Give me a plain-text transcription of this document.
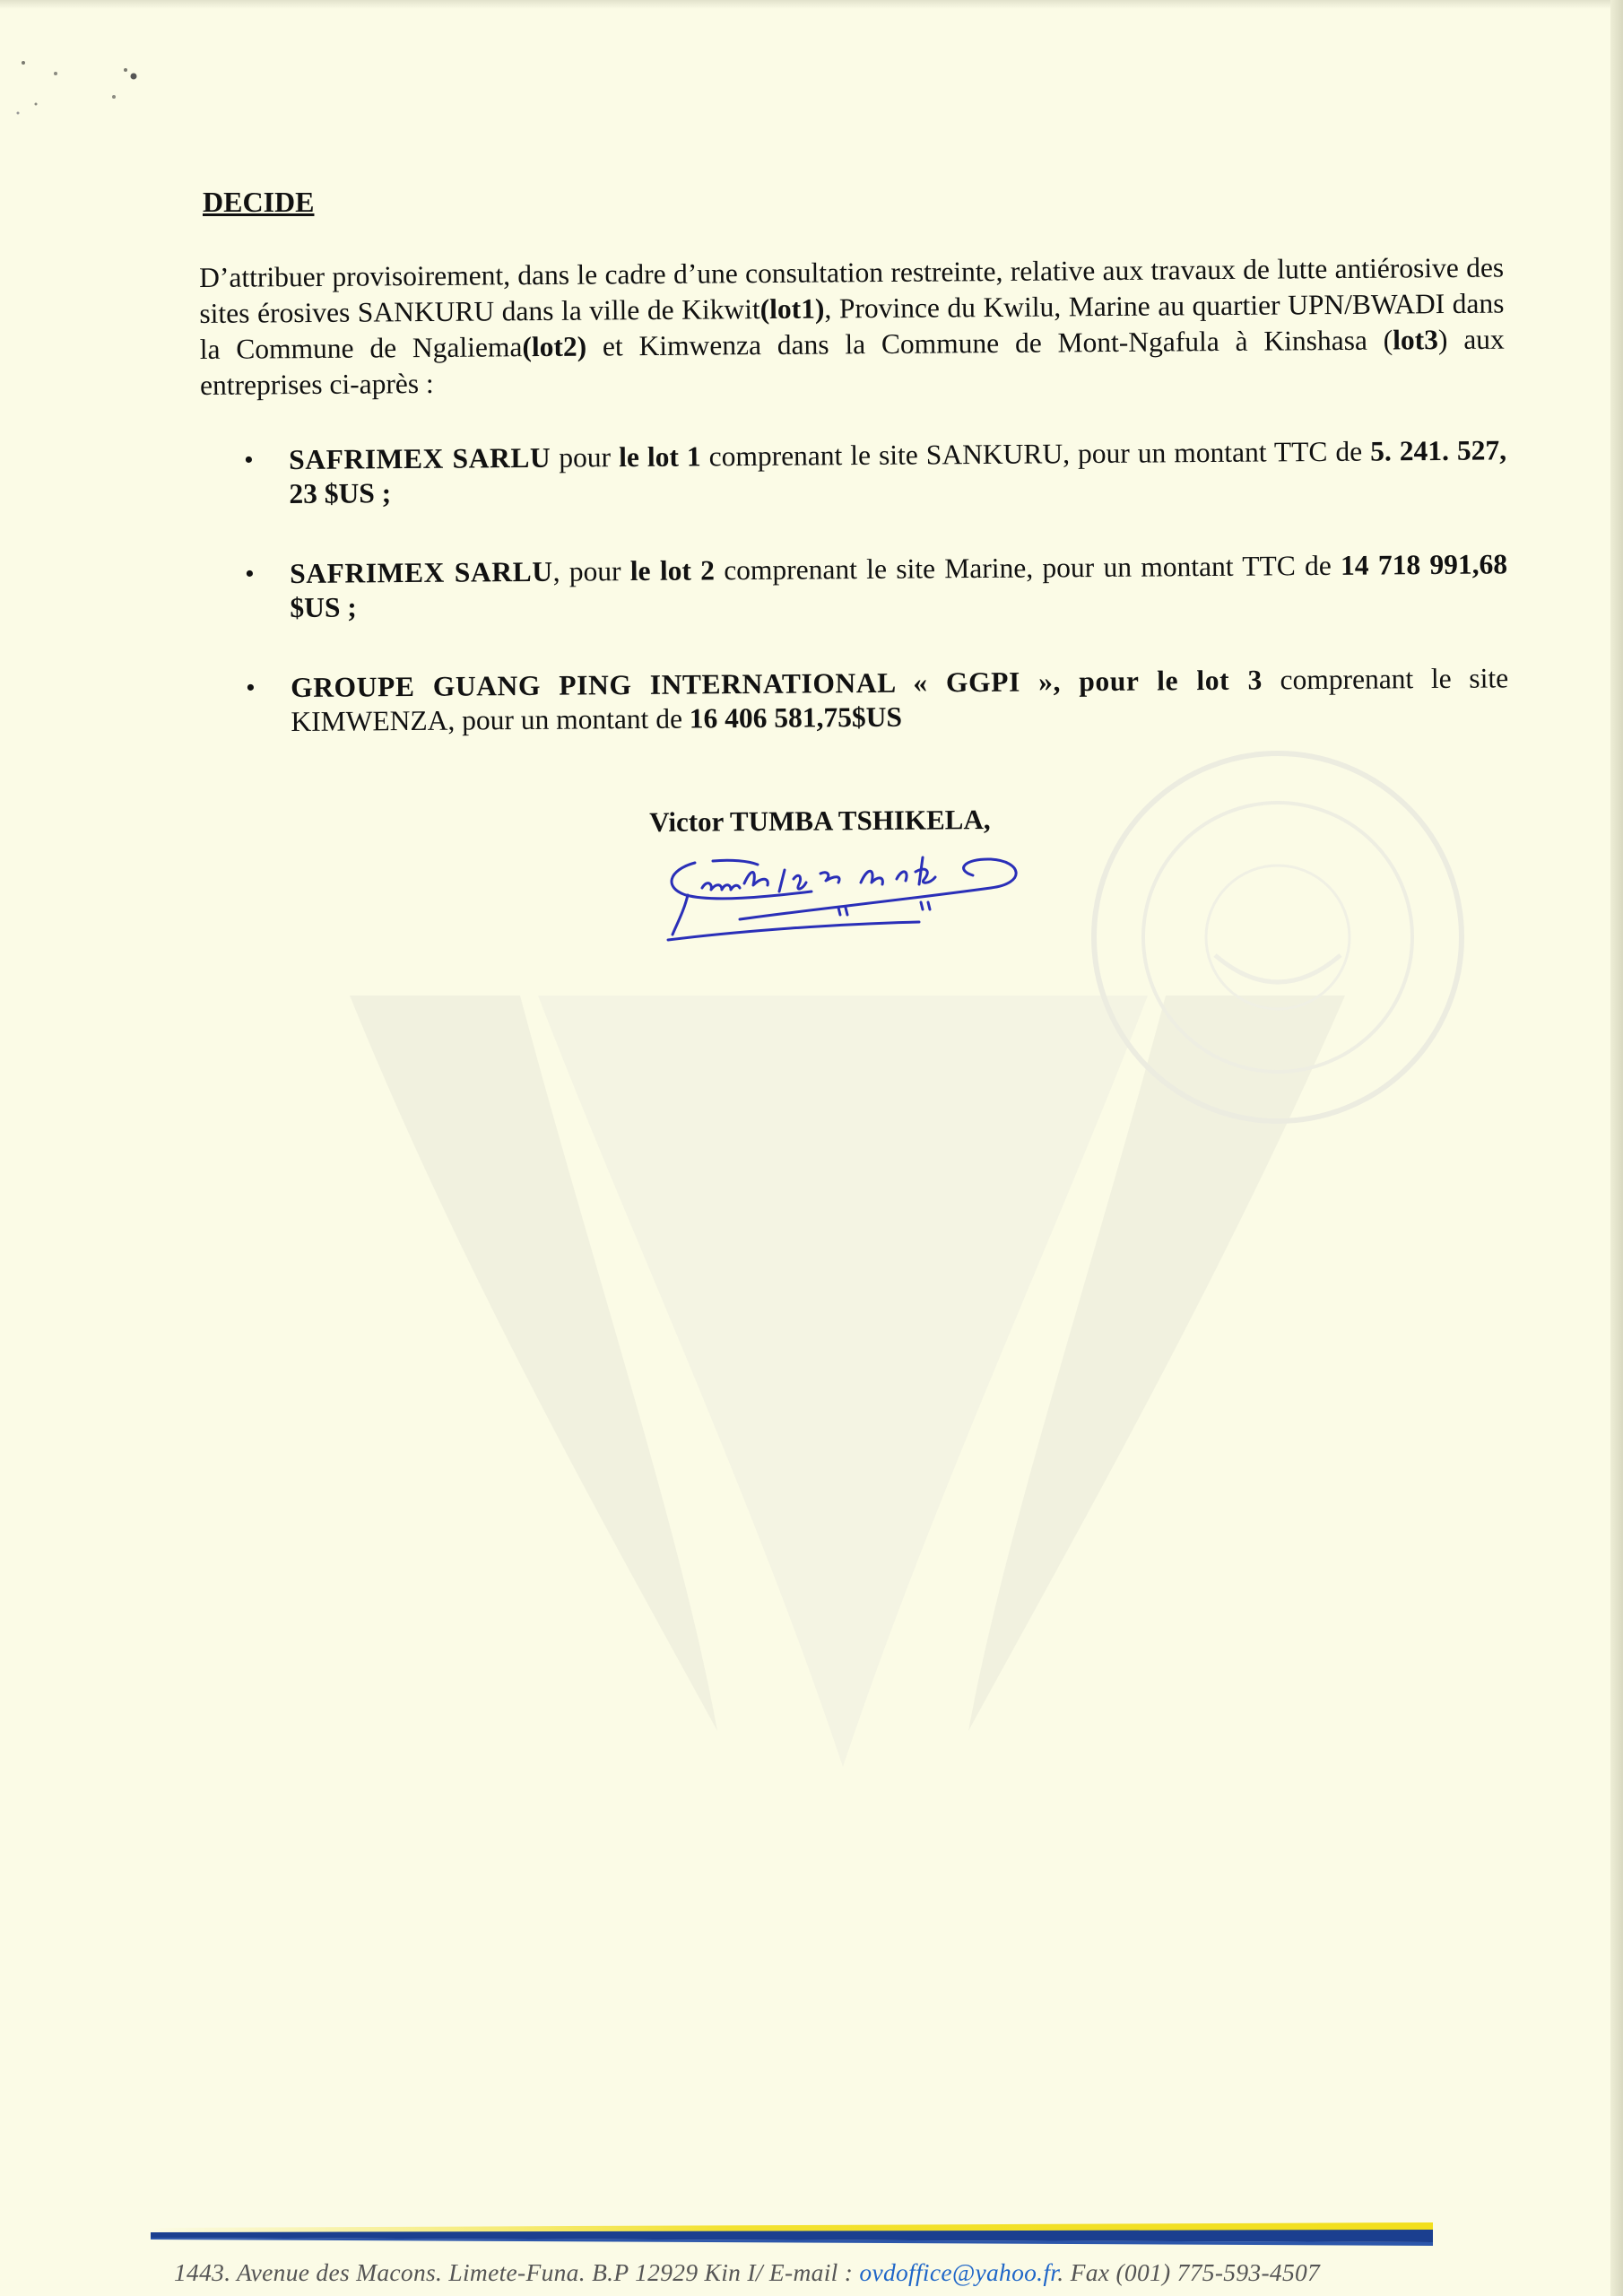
DECIDE

D’attribuer provisoirement, dans le cadre d’une consultation restreinte, relative aux travaux de lutte antiérosive des sites érosives SANKURU dans la ville de Kikwit(lot1), Province du Kwilu, Marine au quartier UPN/BWADI dans la Commune de Ngaliema(lot2) et Kimwenza dans la Commune de Mont-Ngafula à Kinshasa (lot3) aux entreprises ci-après :

• SAFRIMEX SARLU pour le lot 1 comprenant le site SANKURU, pour un montant TTC de 5. 241. 527, 23 $US ;
• SAFRIMEX SARLU, pour le lot 2 comprenant le site Marine, pour un montant TTC de 14 718 991,68 $US ;
• GROUPE GUANG PING INTERNATIONAL « GGPI », pour le lot 3 comprenant le site KIMWENZA, pour un montant de 16 406 581,75$US
Victor TUMBA TSHIKELA,

1443. Avenue des Macons. Limete-Funa. B.P 12929 Kin I/ E-mail : ovdoffice@yahoo.fr. Fax (001) 775-593-4507
